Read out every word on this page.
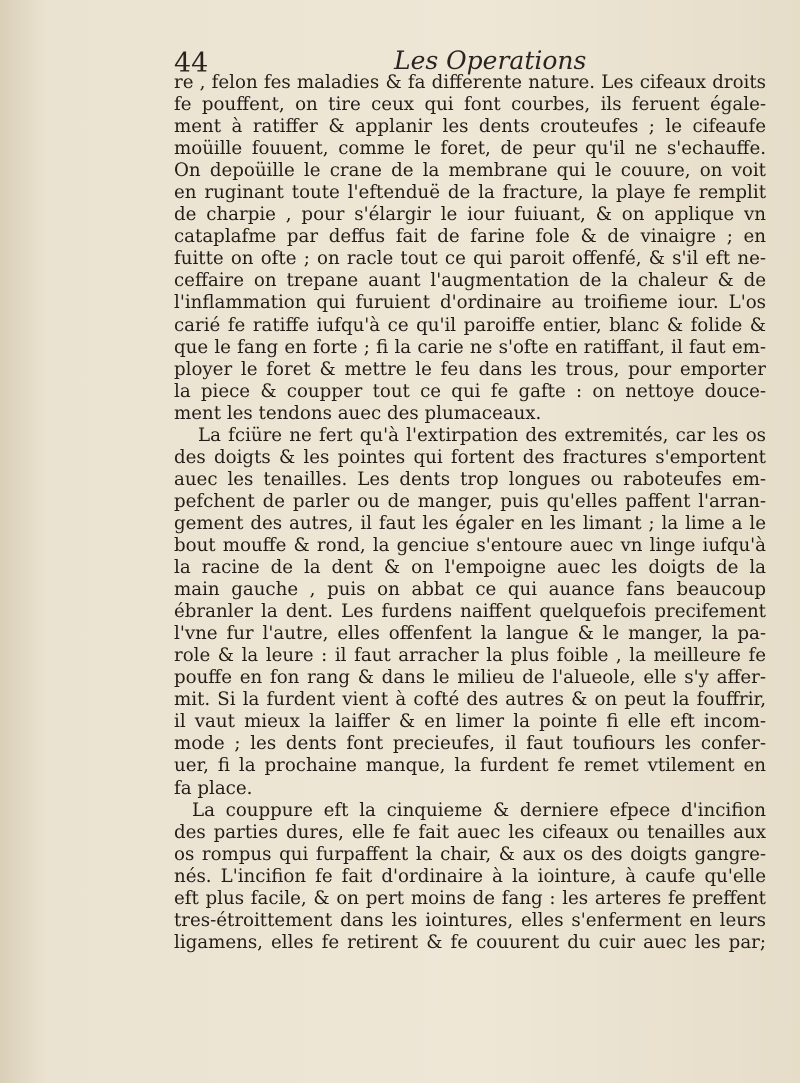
44	Les Operations
re , felon fes maladies & fa differente nature. Les cifeaux droits
fe pouffent, on tire ceux qui font courbes, ils feruent égale-
ment à ratiffer & applanir les dents crouteufes ; le cifeaufe
moüille fouuent, comme le foret, de peur qu'il ne s'echauffe.
On depoüille le crane de la membrane qui le couure, on voit
en ruginant toute l'eftenduë de la fracture, la playe fe remplit
de charpie , pour s'élargir le iour fuiuant, & on applique vn
cataplafme par deffus fait de farine fole & de vinaigre ; en
fuitte on ofte ; on racle tout ce qui paroit offenfé, & s'il eft ne-
ceffaire on trepane auant l'augmentation de la chaleur & de
l'inflammation qui furuient d'ordinaire au troifieme iour. L'os
carié fe ratiffe iufqu'à ce qu'il paroiffe entier, blanc & folide &
que le fang en forte ; fi la carie ne s'ofte en ratiffant, il faut em-
ployer le foret & mettre le feu dans les trous, pour emporter
la piece & coupper tout ce qui fe gafte : on nettoye douce-
ment les tendons auec des plumaceaux.
La fciüre ne fert qu'à l'extirpation des extremités, car les os
des doigts & les pointes qui fortent des fractures s'emportent
auec les tenailles. Les dents trop longues ou raboteufes em-
pefchent de parler ou de manger, puis qu'elles paffent l'arran-
gement des autres, il faut les égaler en les limant ; la lime a le
bout mouffe & rond, la genciue s'entoure auec vn linge iufqu'à
la racine de la dent & on l'empoigne auec les doigts de la
main gauche , puis on abbat ce qui auance fans beaucoup
ébranler la dent. Les furdens naiffent quelquefois precifement
l'vne fur l'autre, elles offenfent la langue & le manger, la pa-
role & la leure : il faut arracher la plus foible , la meilleure fe
pouffe en fon rang & dans le milieu de l'alueole, elle s'y affer-
mit. Si la furdent vient à cofté des autres & on peut la fouffrir,
il vaut mieux la laiffer & en limer la pointe fi elle eft incom-
mode ; les dents font precieufes, il faut toufiours les confer-
uer, fi la prochaine manque, la furdent fe remet vtilement en
fa place.
La couppure eft la cinquieme & derniere efpece d'incifion
des parties dures, elle fe fait auec les cifeaux ou tenailles aux
os rompus qui furpaffent la chair, & aux os des doigts gangre-
nés. L'incifion fe fait d'ordinaire à la iointure, à caufe qu'elle
eft plus facile, & on pert moins de fang : les arteres fe preffent
tres-étroittement dans les iointures, elles s'enferment en leurs
ligamens, elles fe retirent & fe couurent du cuir auec les par;
